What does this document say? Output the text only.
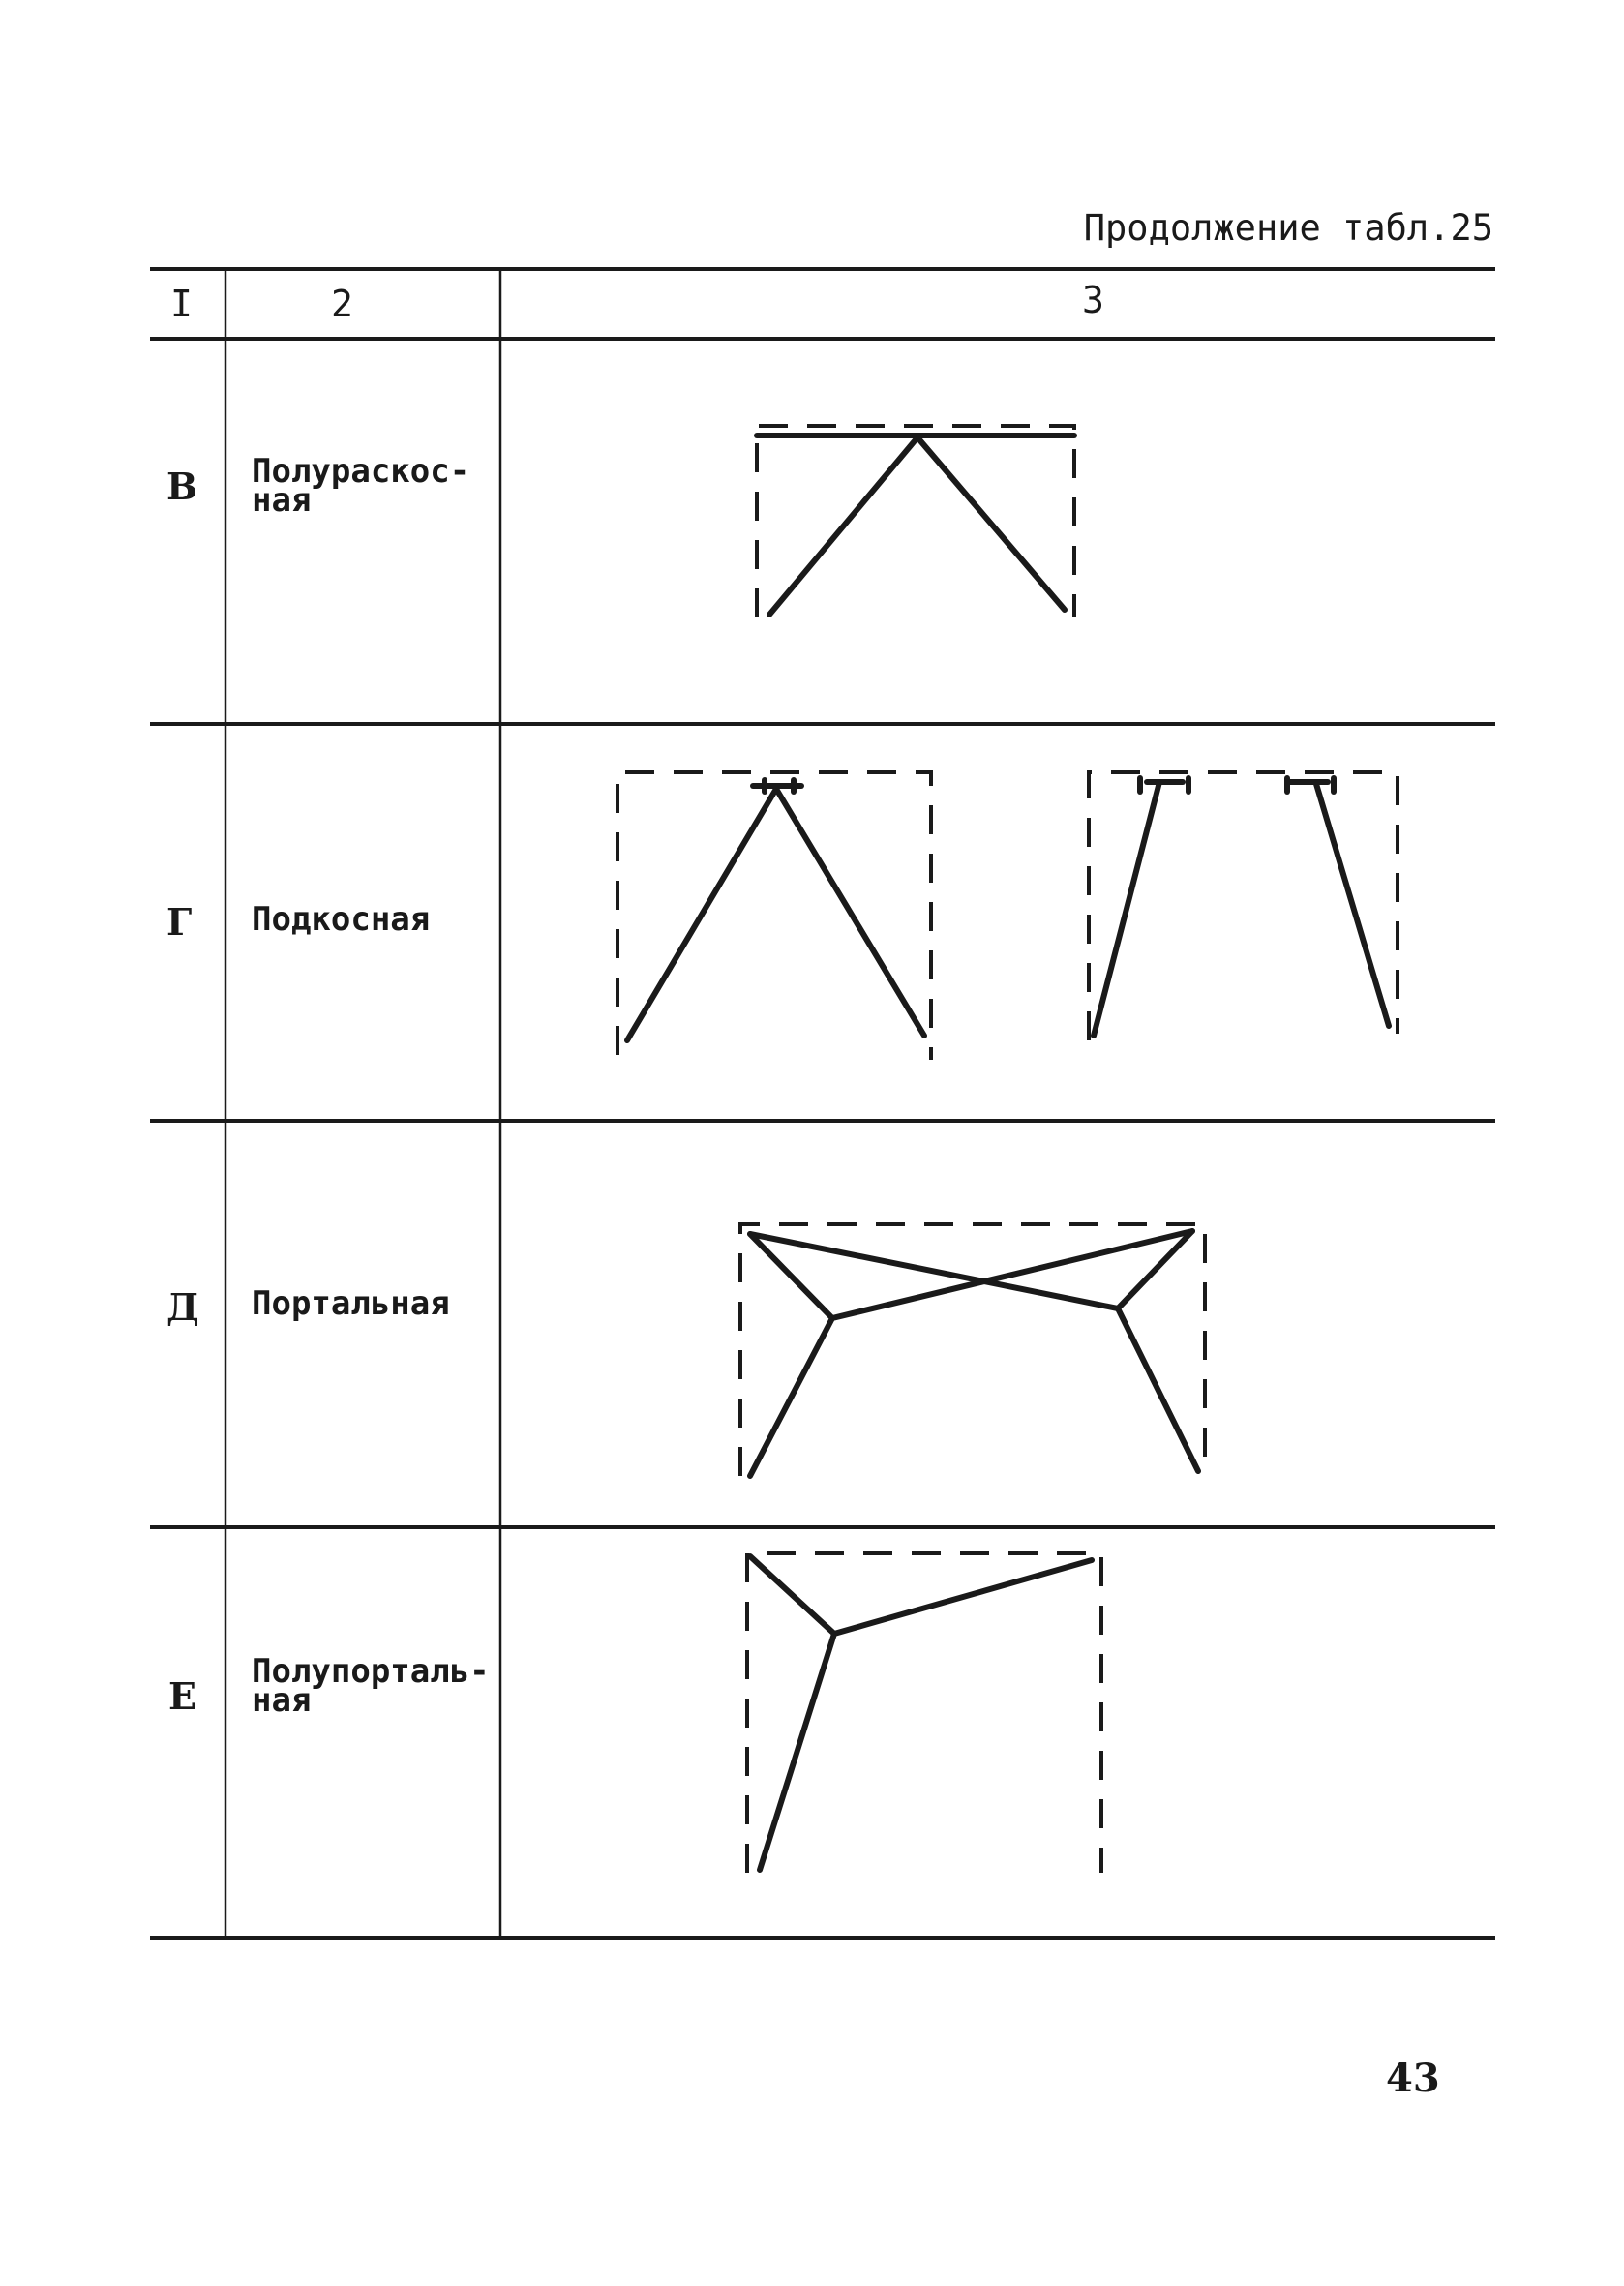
Продолжение табл.25
I	2	3
В Полураскос-
ная
Г Подкосная
Д Портальная
Е
Полупорталь-
ная
43
